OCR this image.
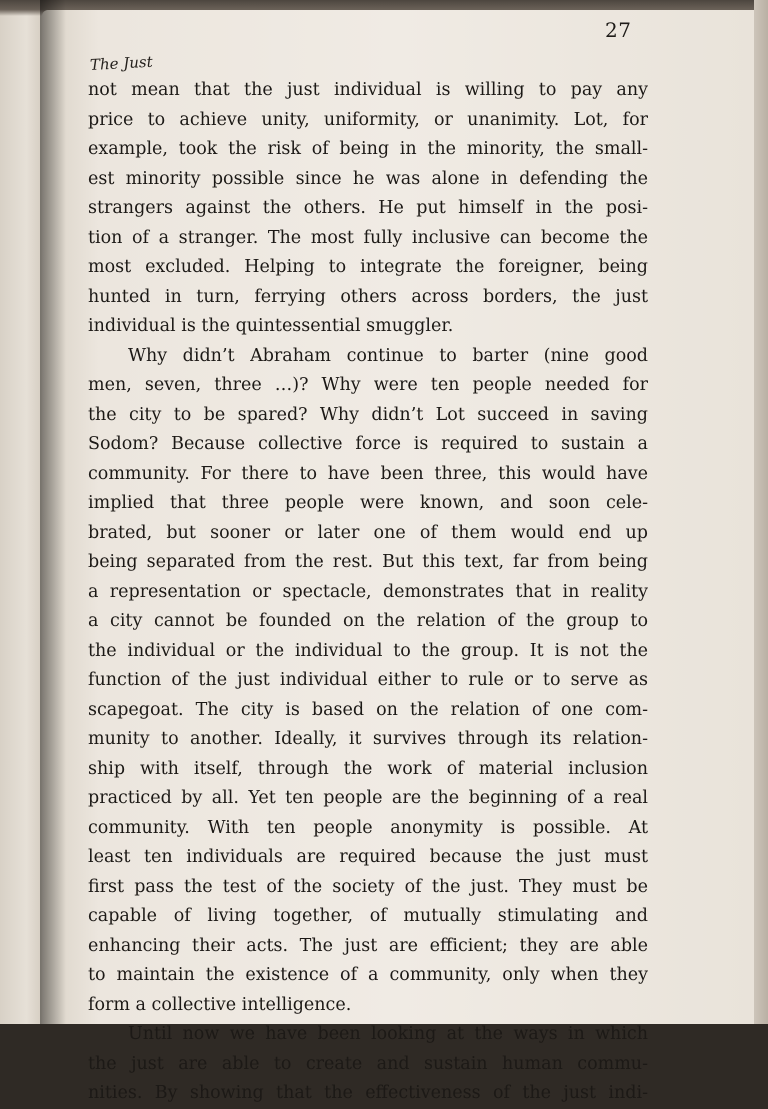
27
The Just
not mean that the just individual is willing to pay any
price to achieve unity, uniformity, or unanimity. Lot, for
example, took the risk of being in the minority, the small-
est minority possible since he was alone in defending the
strangers against the others. He put himself in the posi-
tion of a stranger. The most fully inclusive can become the
most excluded. Helping to integrate the foreigner, being
hunted in turn, ferrying others across borders, the just
individual is the quintessential smuggler.
Why didn’t Abraham continue to barter (nine good
men, seven, three …)? Why were ten people needed for
the city to be spared? Why didn’t Lot succeed in saving
Sodom? Because collective force is required to sustain a
community. For there to have been three, this would have
implied that three people were known, and soon cele-
brated, but sooner or later one of them would end up
being separated from the rest. But this text, far from being
a representation or spectacle, demonstrates that in reality
a city cannot be founded on the relation of the group to
the individual or the individual to the group. It is not the
function of the just individual either to rule or to serve as
scapegoat. The city is based on the relation of one com-
munity to another. Ideally, it survives through its relation-
ship with itself, through the work of material inclusion
practiced by all. Yet ten people are the beginning of a real
community. With ten people anonymity is possible. At
least ten individuals are required because the just must
first pass the test of the society of the just. They must be
capable of living together, of mutually stimulating and
enhancing their acts. The just are efficient; they are able
to maintain the existence of a community, only when they
form a collective intelligence.
Until now we have been looking at the ways in which
the just are able to create and sustain human commu-
nities. By showing that the effectiveness of the just indi-
